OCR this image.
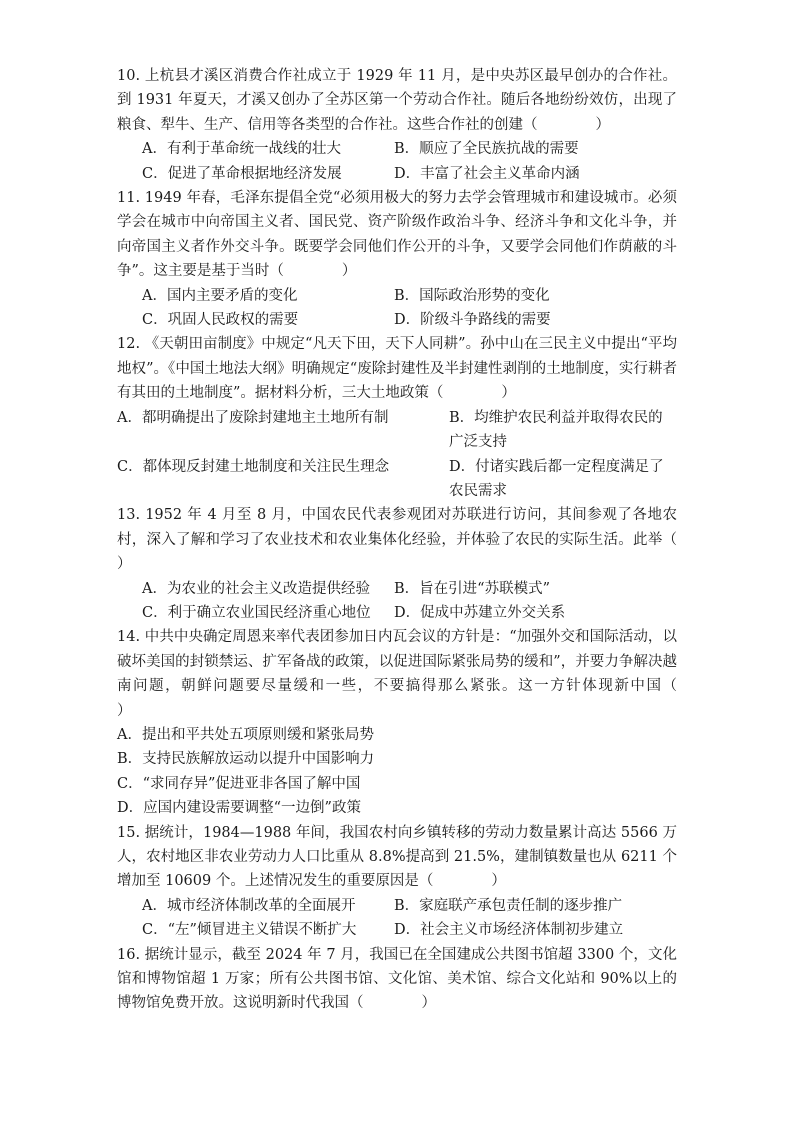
10. 上杭县才溪区消费合作社成立于 1929 年 11 月，是中央苏区最早创办的合作社。到 1931 年夏天，才溪又创办了全苏区第一个劳动合作社。随后各地纷纷效仿，出现了粮食、犁牛、生产、信用等各类型的合作社。这些合作社的创建（　　　　）

A．有利于革命统一战线的壮大	B．顺应了全民族抗战的需要
C．促进了革命根据地经济发展	D．丰富了社会主义革命内涵

11. 1949 年春，毛泽东提倡全党“必须用极大的努力去学会管理城市和建设城市。必须学会在城市中向帝国主义者、国民党、资产阶级作政治斗争、经济斗争和文化斗争，并向帝国主义者作外交斗争。既要学会同他们作公开的斗争，又要学会同他们作荫蔽的斗争”。这主要是基于当时（　　　　）

A．国内主要矛盾的变化	B．国际政治形势的变化
C．巩固人民政权的需要	D．阶级斗争路线的需要

12. 《天朝田亩制度》中规定“凡天下田，天下人同耕”。孙中山在三民主义中提出“平均地权”。《中国土地法大纲》明确规定“废除封建性及半封建性剥削的土地制度，实行耕者有其田的土地制度”。据材料分析，三大土地政策（　　　　）

A．都明确提出了废除封建地主土地所有制	B．均维护农民利益并取得农民的广泛支持
C．都体现反封建土地制度和关注民生理念	D．付诸实践后都一定程度满足了农民需求

13. 1952 年 4 月至 8 月，中国农民代表参观团对苏联进行访问，其间参观了各地农村，深入了解和学习了农业技术和农业集体化经验，并体验了农民的实际生活。此举（　　　　）

A．为农业的社会主义改造提供经验	B．旨在引进“苏联模式”
C．利于确立农业国民经济重心地位	D．促成中苏建立外交关系

14. 中共中央确定周恩来率代表团参加日内瓦会议的方针是：“加强外交和国际活动，以破坏美国的封锁禁运、扩军备战的政策，以促进国际紧张局势的缓和”，并要力争解决越南问题，朝鲜问题要尽量缓和一些，不要搞得那么紧张。这一方针体现新中国（　　　　）

A．提出和平共处五项原则缓和紧张局势
B．支持民族解放运动以提升中国影响力
C．“求同存异”促进亚非各国了解中国
D．应国内建设需要调整“一边倒”政策

15. 据统计，1984—1988 年间，我国农村向乡镇转移的劳动力数量累计高达 5566 万人，农村地区非农业劳动力人口比重从 8.8%提高到 21.5%，建制镇数量也从 6211 个增加至 10609 个。上述情况发生的重要原因是（　　　　）

A．城市经济体制改革的全面展开	B．家庭联产承包责任制的逐步推广
C．“左”倾冒进主义错误不断扩大	D．社会主义市场经济体制初步建立

16. 据统计显示，截至 2024 年 7 月，我国已在全国建成公共图书馆超 3300 个，文化馆和博物馆超 1 万家；所有公共图书馆、文化馆、美术馆、综合文化站和 90%以上的博物馆免费开放。这说明新时代我国（　　　　）
